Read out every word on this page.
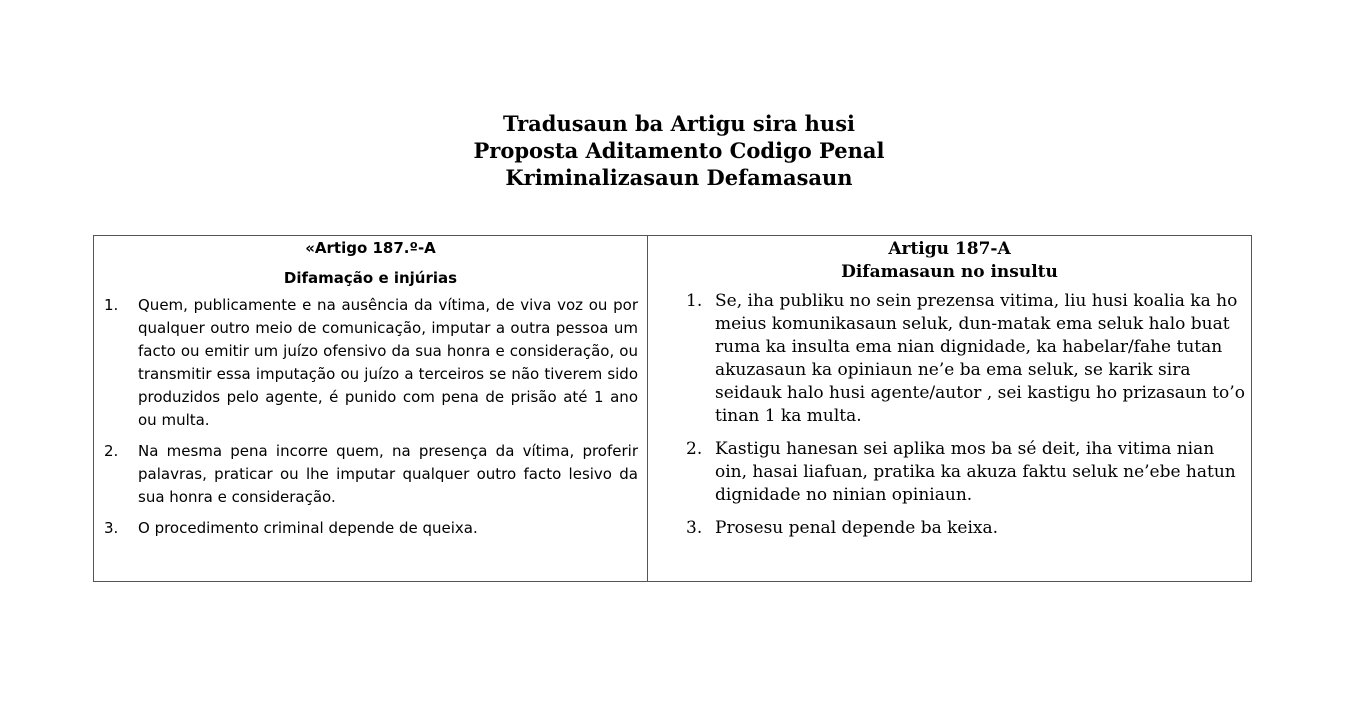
Tradusaun ba Artigu sira husi
Proposta Aditamento Codigo Penal
Kriminalizasaun Defamasaun
«Artigo 187.º-A
Difamação e injúrias
1.	Quem, publicamente e na ausência da vítima, de viva voz ou por qualquer outro meio de comunicação, imputar a outra pessoa um facto ou emitir um juízo ofensivo da sua honra e consideração, ou transmitir essa imputação ou juízo a terceiros se não tiverem sido produzidos pelo agente, é punido com pena de prisão até 1 ano ou multa.
2.	Na mesma pena incorre quem, na presença da vítima, proferir palavras, praticar ou lhe imputar qualquer outro facto lesivo da sua honra e consideração.
3.	O procedimento criminal depende de queixa.

Artigu 187-A
Difamasaun no insultu
1. Se, iha publiku no sein prezensa vitima, liu husi koalia ka ho meius komunikasaun seluk, dun-matak ema seluk halo buat ruma ka insulta ema nian dignidade, ka habelar/fahe tutan akuzasaun ka opiniaun ne’e ba ema seluk, se karik sira seidauk halo husi agente/autor , sei kastigu ho prizasaun to’o tinan 1 ka multa.
2. Kastigu hanesan sei aplika mos ba sé deit, iha vitima nian oin, hasai liafuan, pratika ka akuza faktu seluk ne’ebe hatun dignidade no ninian opiniaun.
3. Prosesu penal depende ba keixa.
